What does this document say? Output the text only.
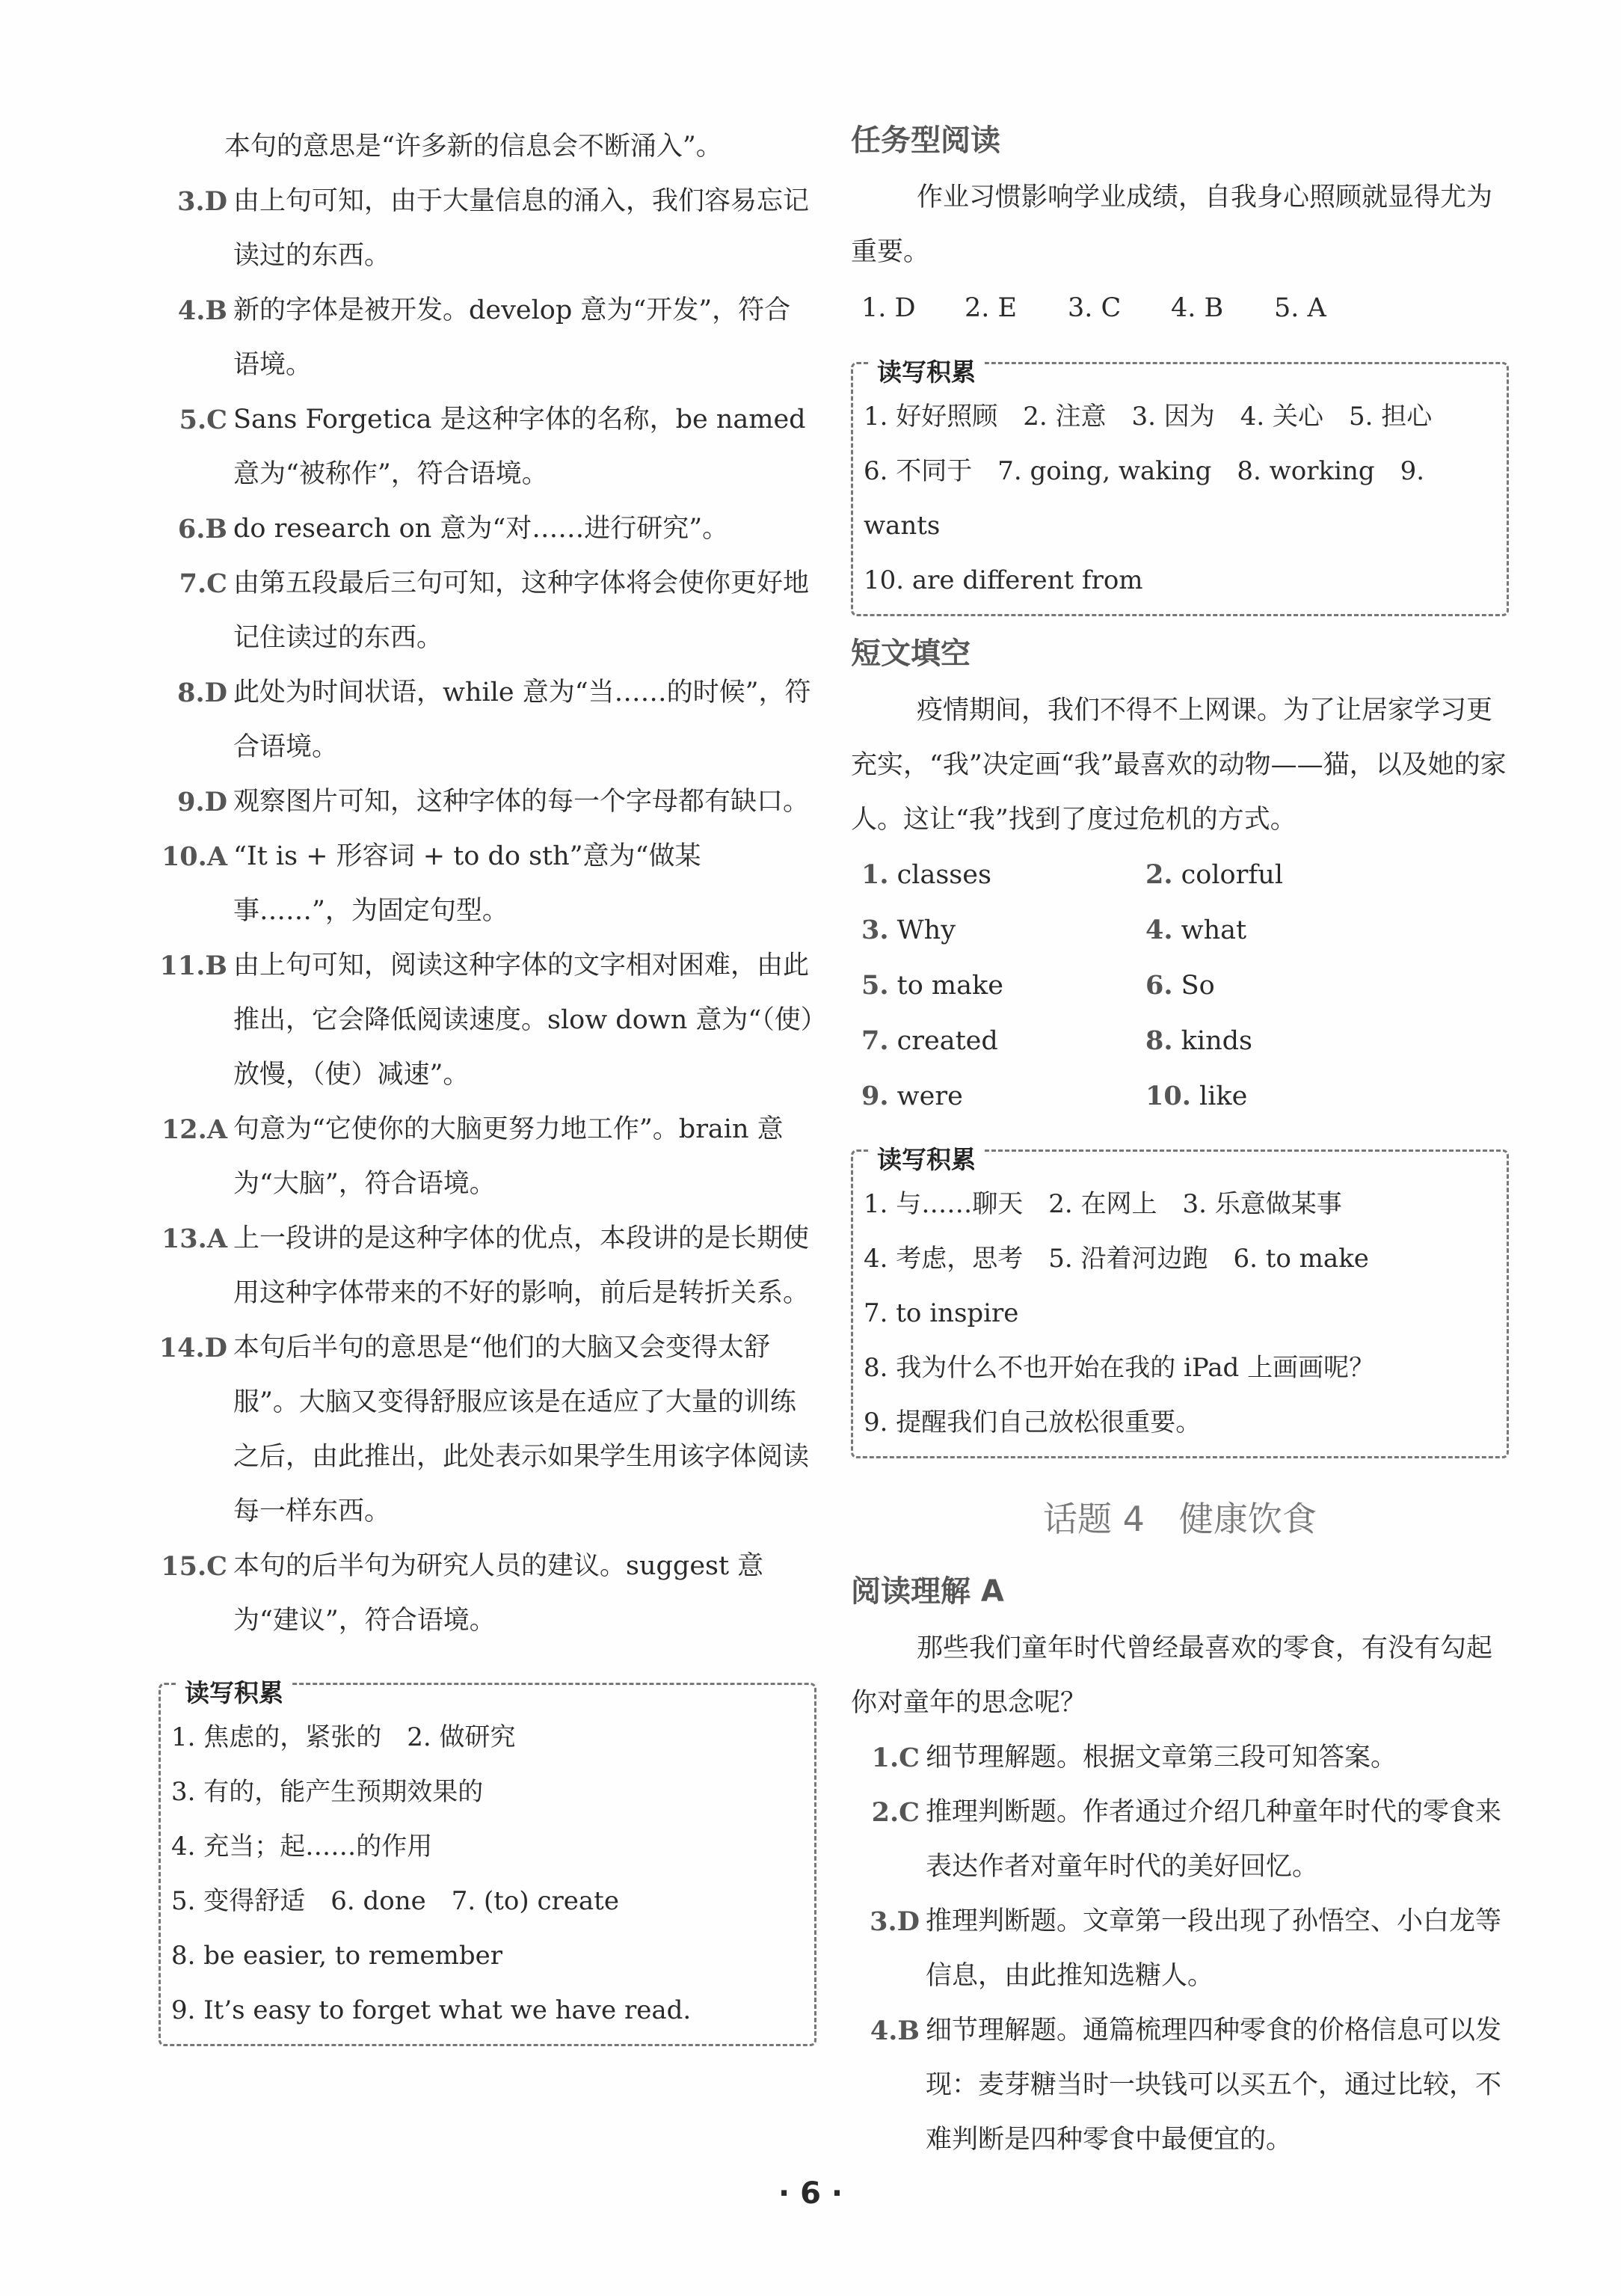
本句的意思是“许多新的信息会不断涌入”。
3.D 由上句可知，由于大量信息的涌入，我们容易忘记读过的东西。
4.B 新的字体是被开发。develop 意为“开发”，符合语境。
5.C Sans Forgetica 是这种字体的名称，be named 意为“被称作”，符合语境。
6.B do research on 意为“对……进行研究”。
7.C 由第五段最后三句可知，这种字体将会使你更好地记住读过的东西。
8.D 此处为时间状语，while 意为“当……的时候”，符合语境。
9.D 观察图片可知，这种字体的每一个字母都有缺口。
10.A “It is + 形容词 + to do sth”意为“做某事……”，为固定句型。
11.B 由上句可知，阅读这种字体的文字相对困难，由此推出，它会降低阅读速度。slow down 意为“（使）放慢，（使）减速”。
12.A 句意为“它使你的大脑更努力地工作”。brain 意为“大脑”，符合语境。
13.A 上一段讲的是这种字体的优点，本段讲的是长期使用这种字体带来的不好的影响，前后是转折关系。
14.D 本句后半句的意思是“他们的大脑又会变得太舒服”。大脑又变得舒服应该是在适应了大量的训练之后，由此推出，此处表示如果学生用该字体阅读每一样东西。
15.C 本句的后半句为研究人员的建议。suggest 意为“建议”，符合语境。
读写积累
1. 焦虑的，紧张的　2. 做研究
3. 有的，能产生预期效果的
4. 充当；起……的作用
5. 变得舒适　6. done　7. (to) create
8. be easier, to remember
9. It’s easy to forget what we have read.
任务型阅读
作业习惯影响学业成绩，自我身心照顾就显得尤为重要。
1. D 2. E 3. C 4. B 5. A
读写积累
1. 好好照顾　2. 注意　3. 因为　4. 关心　5. 担心
6. 不同于　7. going, waking　8. working　9. wants
10. are different from
短文填空
疫情期间，我们不得不上网课。为了让居家学习更充实，“我”决定画“我”最喜欢的动物——猫，以及她的家人。这让“我”找到了度过危机的方式。
1. classes	2. colorful
3. Why	4. what
5. to make	6. So
7. created	8. kinds
9. were	10. like
读写积累
1. 与……聊天　2. 在网上　3. 乐意做某事
4. 考虑，思考　5. 沿着河边跑　6. to make
7. to inspire
8. 我为什么不也开始在我的 iPad 上画画呢？
9. 提醒我们自己放松很重要。
话题 4　健康饮食
阅读理解 A
那些我们童年时代曾经最喜欢的零食，有没有勾起你对童年的思念呢？
1.C 细节理解题。根据文章第三段可知答案。
2.C 推理判断题。作者通过介绍几种童年时代的零食来表达作者对童年时代的美好回忆。
3.D 推理判断题。文章第一段出现了孙悟空、小白龙等信息，由此推知选糖人。
4.B 细节理解题。通篇梳理四种零食的价格信息可以发现：麦芽糖当时一块钱可以买五个，通过比较，不难判断是四种零食中最便宜的。
· 6 ·
